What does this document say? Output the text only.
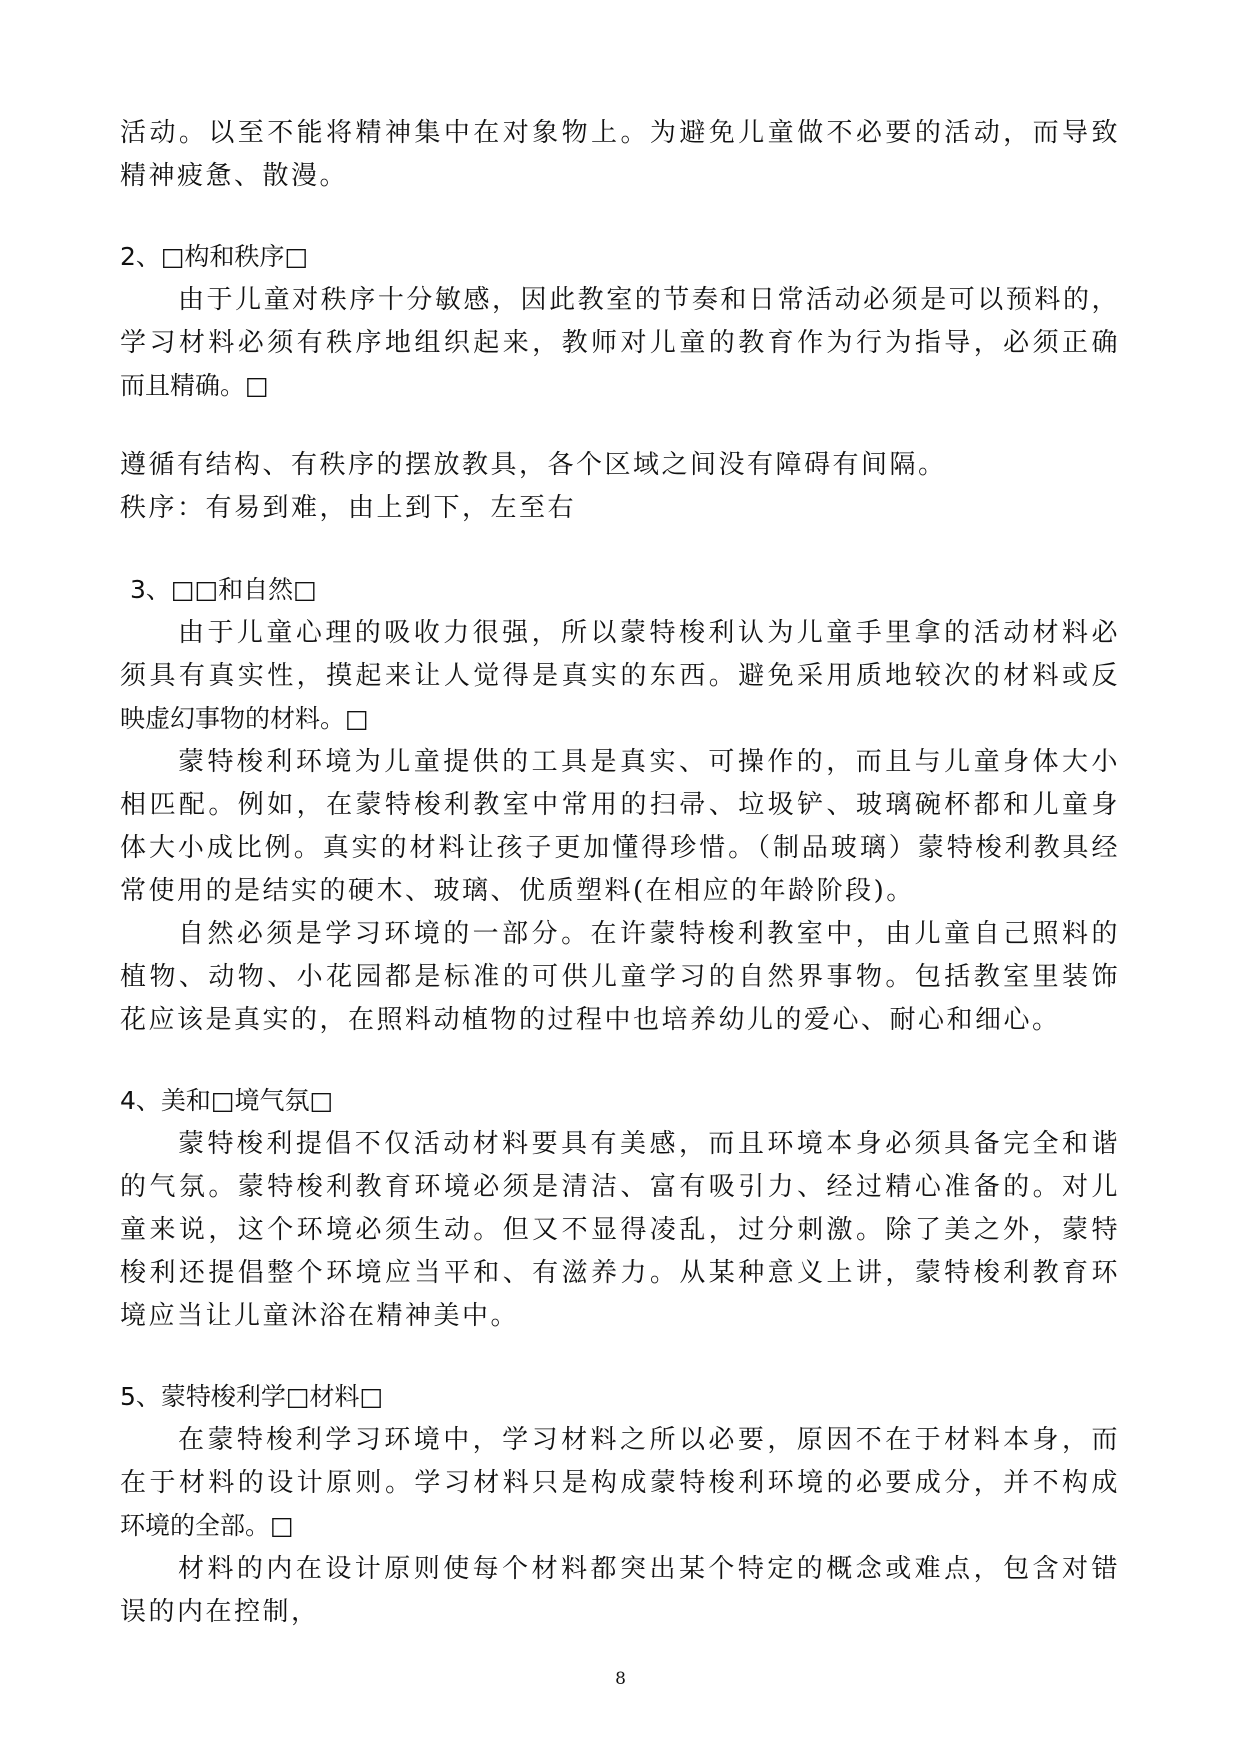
活动。以至不能将精神集中在对象物上。为避免儿童做不必要的活动，而导致
精神疲惫、散漫。
2、□构和秩序□
由于儿童对秩序十分敏感，因此教室的节奏和日常活动必须是可以预料的，
学习材料必须有秩序地组织起来，教师对儿童的教育作为行为指导，必须正确
而且精确。□
遵循有结构、有秩序的摆放教具，各个区域之间没有障碍有间隔。
秩序：有易到难，由上到下，左至右
3、□□和自然□
由于儿童心理的吸收力很强，所以蒙特梭利认为儿童手里拿的活动材料必
须具有真实性，摸起来让人觉得是真实的东西。避免采用质地较次的材料或反
映虚幻事物的材料。□
蒙特梭利环境为儿童提供的工具是真实、可操作的，而且与儿童身体大小
相匹配。例如，在蒙特梭利教室中常用的扫帚、垃圾铲、玻璃碗杯都和儿童身
体大小成比例。真实的材料让孩子更加懂得珍惜。（制品玻璃）蒙特梭利教具经
常使用的是结实的硬木、玻璃、优质塑料(在相应的年龄阶段)。
自然必须是学习环境的一部分。在许蒙特梭利教室中，由儿童自己照料的
植物、动物、小花园都是标准的可供儿童学习的自然界事物。包括教室里装饰
花应该是真实的，在照料动植物的过程中也培养幼儿的爱心、耐心和细心。
4、美和□境气氛□
蒙特梭利提倡不仅活动材料要具有美感，而且环境本身必须具备完全和谐
的气氛。蒙特梭利教育环境必须是清洁、富有吸引力、经过精心准备的。对儿
童来说，这个环境必须生动。但又不显得凌乱，过分刺激。除了美之外，蒙特
梭利还提倡整个环境应当平和、有滋养力。从某种意义上讲，蒙特梭利教育环
境应当让儿童沐浴在精神美中。
5、蒙特梭利学□材料□
在蒙特梭利学习环境中，学习材料之所以必要，原因不在于材料本身，而
在于材料的设计原则。学习材料只是构成蒙特梭利环境的必要成分，并不构成
环境的全部。□
材料的内在设计原则使每个材料都突出某个特定的概念或难点，包含对错
误的内在控制，
8
